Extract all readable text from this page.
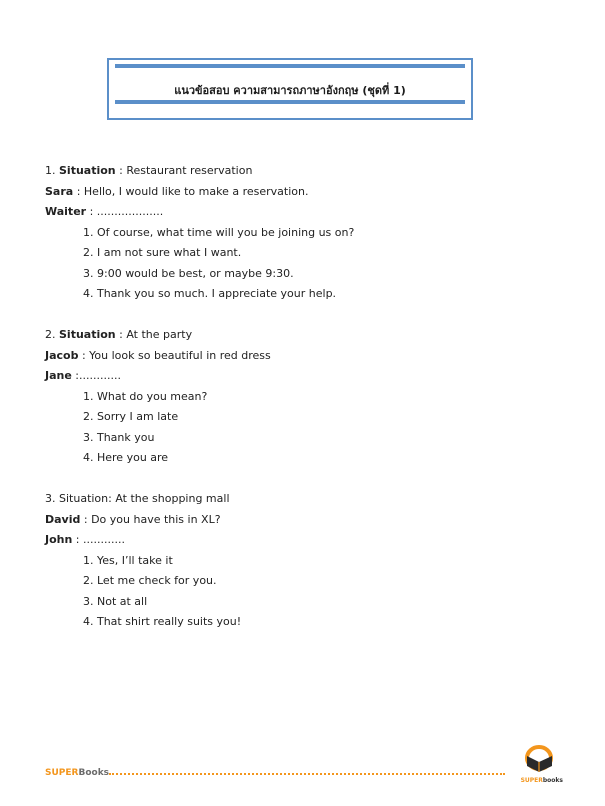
แนวข้อสอบ ความสามารถภาษาอังกฤษ (ชุดที่ 1)
1. Situation : Restaurant reservation
Sara : Hello, I would like to make a reservation.
Waiter : ...................
1. Of course, what time will you be joining us on?
2. I am not sure what I want.
3. 9:00 would be best, or maybe 9:30.
4. Thank you so much. I appreciate your help.
2. Situation : At the party
Jacob : You look so beautiful in red dress
Jane :............
1. What do you mean?
2. Sorry I am late
3. Thank you
4. Here you are
3. Situation: At the shopping mall
David : Do you have this in XL?
John : ............
1. Yes, I’ll take it
2. Let me check for you.
3. Not at all
4. That shirt really suits you!
SUPERBooks
SUPERbooks
